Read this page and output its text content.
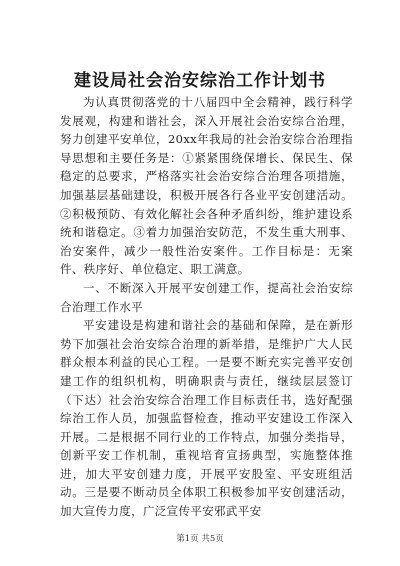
建设局社会治安综治工作计划书

为认真贯彻落党的十八届四中全会精神，践行科学发展观，构建和谐社会，深入开展社会治安综合治理，努力创建平安单位，20xx年我局的社会治安综合治理指导思想和主要任务是：①紧紧围绕保增长、保民生、保稳定的总要求，严格落实社会治安综合治理各项措施，加强基层基础建设，积极开展各行各业平安创建活动。②积极预防、有效化解社会各种矛盾纠纷，维护建设系统和谐稳定。③着力加强治安防范，不发生重大刑事、治安案件，减少一般性治安案件。工作目标是：无案件、秩序好、单位稳定、职工满意。

一、不断深入开展平安创建工作，提高社会治安综合治理工作水平

平安建设是构建和谐社会的基础和保障，是在新形势下加强社会治安综合治理的新举措，是维护广大人民群众根本利益的民心工程。一是要不断充实完善平安创建工作的组织机构，明确职责与责任，继续层层签订（下达）社会治安综合治理工作目标责任书，选好配强综治工作人员，加强监督检查，推动平安建设工作深入开展。二是根据不同行业的工作特点，加强分类指导，创新平安工作机制，重视培育宣扬典型，实施整体推进，加大平安创建力度，开展平安股室、平安班组活动。三是要不断动员全体职工积极参加平安创建活动，加大宣传力度，广泛宣传平安邪武平安

第1页 共5页
